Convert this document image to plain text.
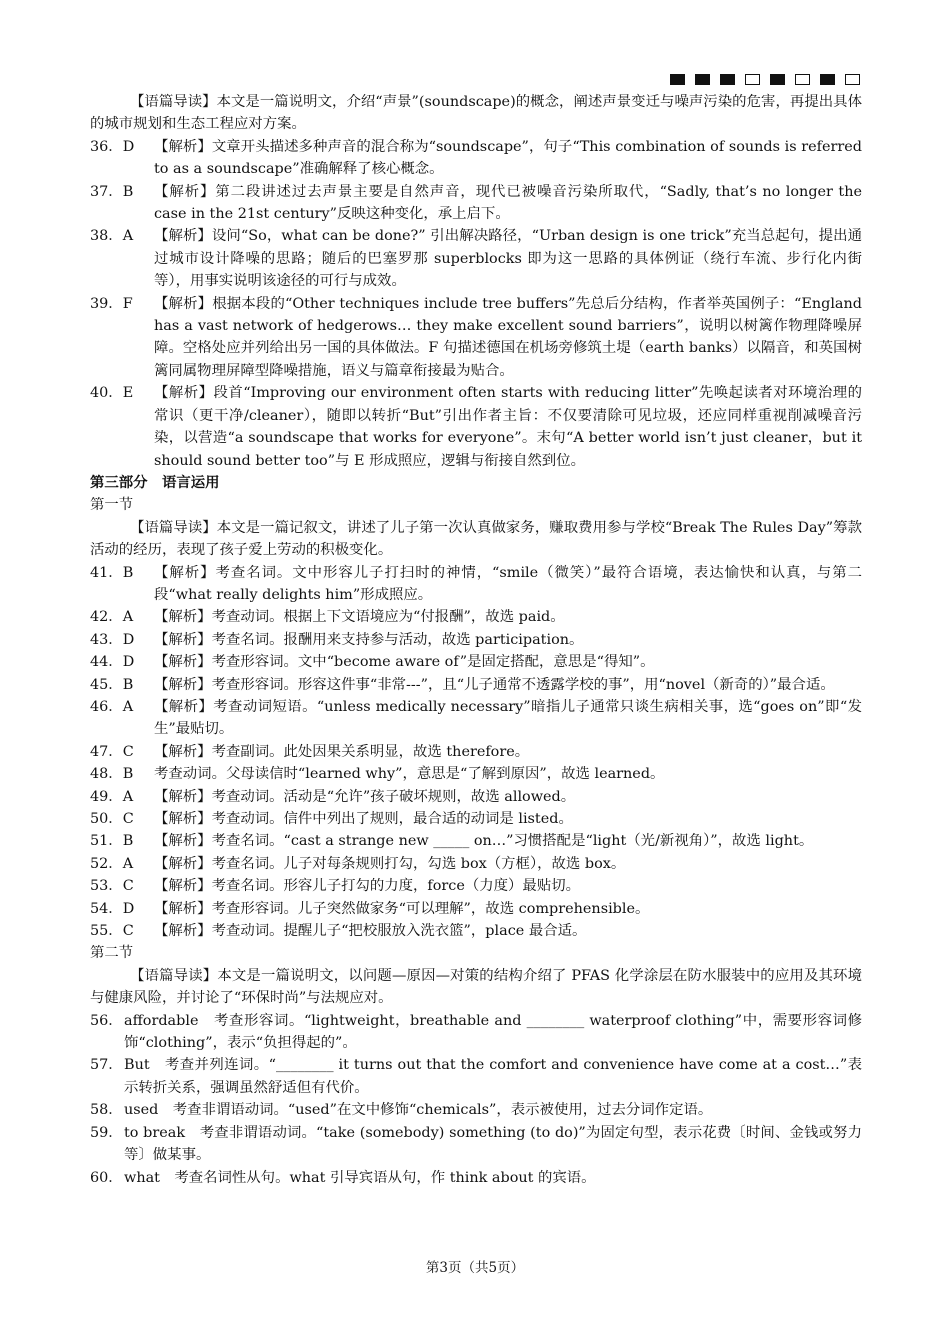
【语篇导读】本文是一篇说明文，介绍“声景”(soundscape)的概念，阐述声景变迁与噪声污染的危害，再提出具体的城市规划和生态工程应对方案。

36．D	【解析】文章开头描述多种声音的混合称为“soundscape”，句子“This combination of sounds is referred to as a soundscape”准确解释了核心概念。
37．B	【解析】第二段讲述过去声景主要是自然声音，现代已被噪音污染所取代，“Sadly, that’s no longer the case in the 21st century”反映这种变化，承上启下。
38．A	【解析】设问“So，what can be done?” 引出解决路径，“Urban design is one trick”充当总起句，提出通过城市设计降噪的思路；随后的巴塞罗那 superblocks 即为这一思路的具体例证（绕行车流、步行化内街等），用事实说明该途径的可行与成效。
39．F	【解析】根据本段的“Other techniques include tree buffers”先总后分结构，作者举英国例子：“England has a vast network of hedgerows… they make excellent sound barriers”，说明以树篱作物理降噪屏障。空格处应并列给出另一国的具体做法。F 句描述德国在机场旁修筑土堤（earth banks）以隔音，和英国树篱同属物理屏障型降噪措施，语义与篇章衔接最为贴合。
40．E	【解析】段首“Improving our environment often starts with reducing litter”先唤起读者对环境治理的常识（更干净/cleaner），随即以转折“But”引出作者主旨：不仅要清除可见垃圾，还应同样重视削减噪音污染，以营造“a soundscape that works for everyone”。末句“A better world isn’t just cleaner，but it should sound better too”与 E 形成照应，逻辑与衔接自然到位。

第三部分　语言运用

第一节

【语篇导读】本文是一篇记叙文，讲述了儿子第一次认真做家务，赚取费用参与学校“Break The Rules Day”筹款活动的经历，表现了孩子爱上劳动的积极变化。

41．B	【解析】考查名词。文中形容儿子打扫时的神情，“smile（微笑）”最符合语境，表达愉快和认真，与第二段“what really delights him”形成照应。
42．A	【解析】考查动词。根据上下文语境应为“付报酬”，故选 paid。
43．D	【解析】考查名词。报酬用来支持参与活动，故选 participation。
44．D	【解析】考查形容词。文中“become aware of”是固定搭配，意思是“得知”。
45．B	【解析】考查形容词。形容这件事“非常---”，且“儿子通常不透露学校的事”，用“novel（新奇的）”最合适。
46．A	【解析】考查动词短语。“unless medically necessary”暗指儿子通常只谈生病相关事，选“goes on”即“发生”最贴切。
47．C	【解析】考查副词。此处因果关系明显，故选 therefore。
48．B	考查动词。父母读信时“learned why”，意思是“了解到原因”，故选 learned。
49．A	【解析】考查动词。活动是“允许”孩子破坏规则，故选 allowed。
50．C	【解析】考查动词。信件中列出了规则，最合适的动词是 listed。
51．B	【解析】考查名词。“cast a strange new _____ on…”习惯搭配是“light（光/新视角）”，故选 light。
52．A	【解析】考查名词。儿子对每条规则打勾，勾选 box（方框），故选 box。
53．C	【解析】考查名词。形容儿子打勾的力度，force（力度）最贴切。
54．D	【解析】考查形容词。儿子突然做家务“可以理解”，故选 comprehensible。
55．C	【解析】考查动词。提醒儿子“把校服放入洗衣篮”，place 最合适。

第二节

【语篇导读】本文是一篇说明文，以问题—原因—对策的结构介绍了 PFAS 化学涂层在防水服装中的应用及其环境与健康风险，并讨论了“环保时尚”与法规应对。

56． affordable　考查形容词。“lightweight，breathable and ________ waterproof clothing”中，需要形容词修饰“clothing”，表示“负担得起的”。
57． But　考查并列连词。“________ it turns out that the comfort and convenience have come at a cost…”表示转折关系，强调虽然舒适但有代价。
58． used　考查非谓语动词。“used”在文中修饰“chemicals”，表示被使用，过去分词作定语。
59． to break　考查非谓语动词。“take (somebody) something (to do)”为固定句型，表示花费〔时间、金钱或努力等〕做某事。
60． what　考查名词性从句。what 引导宾语从句，作 think about 的宾语。
第3页（共5页）
